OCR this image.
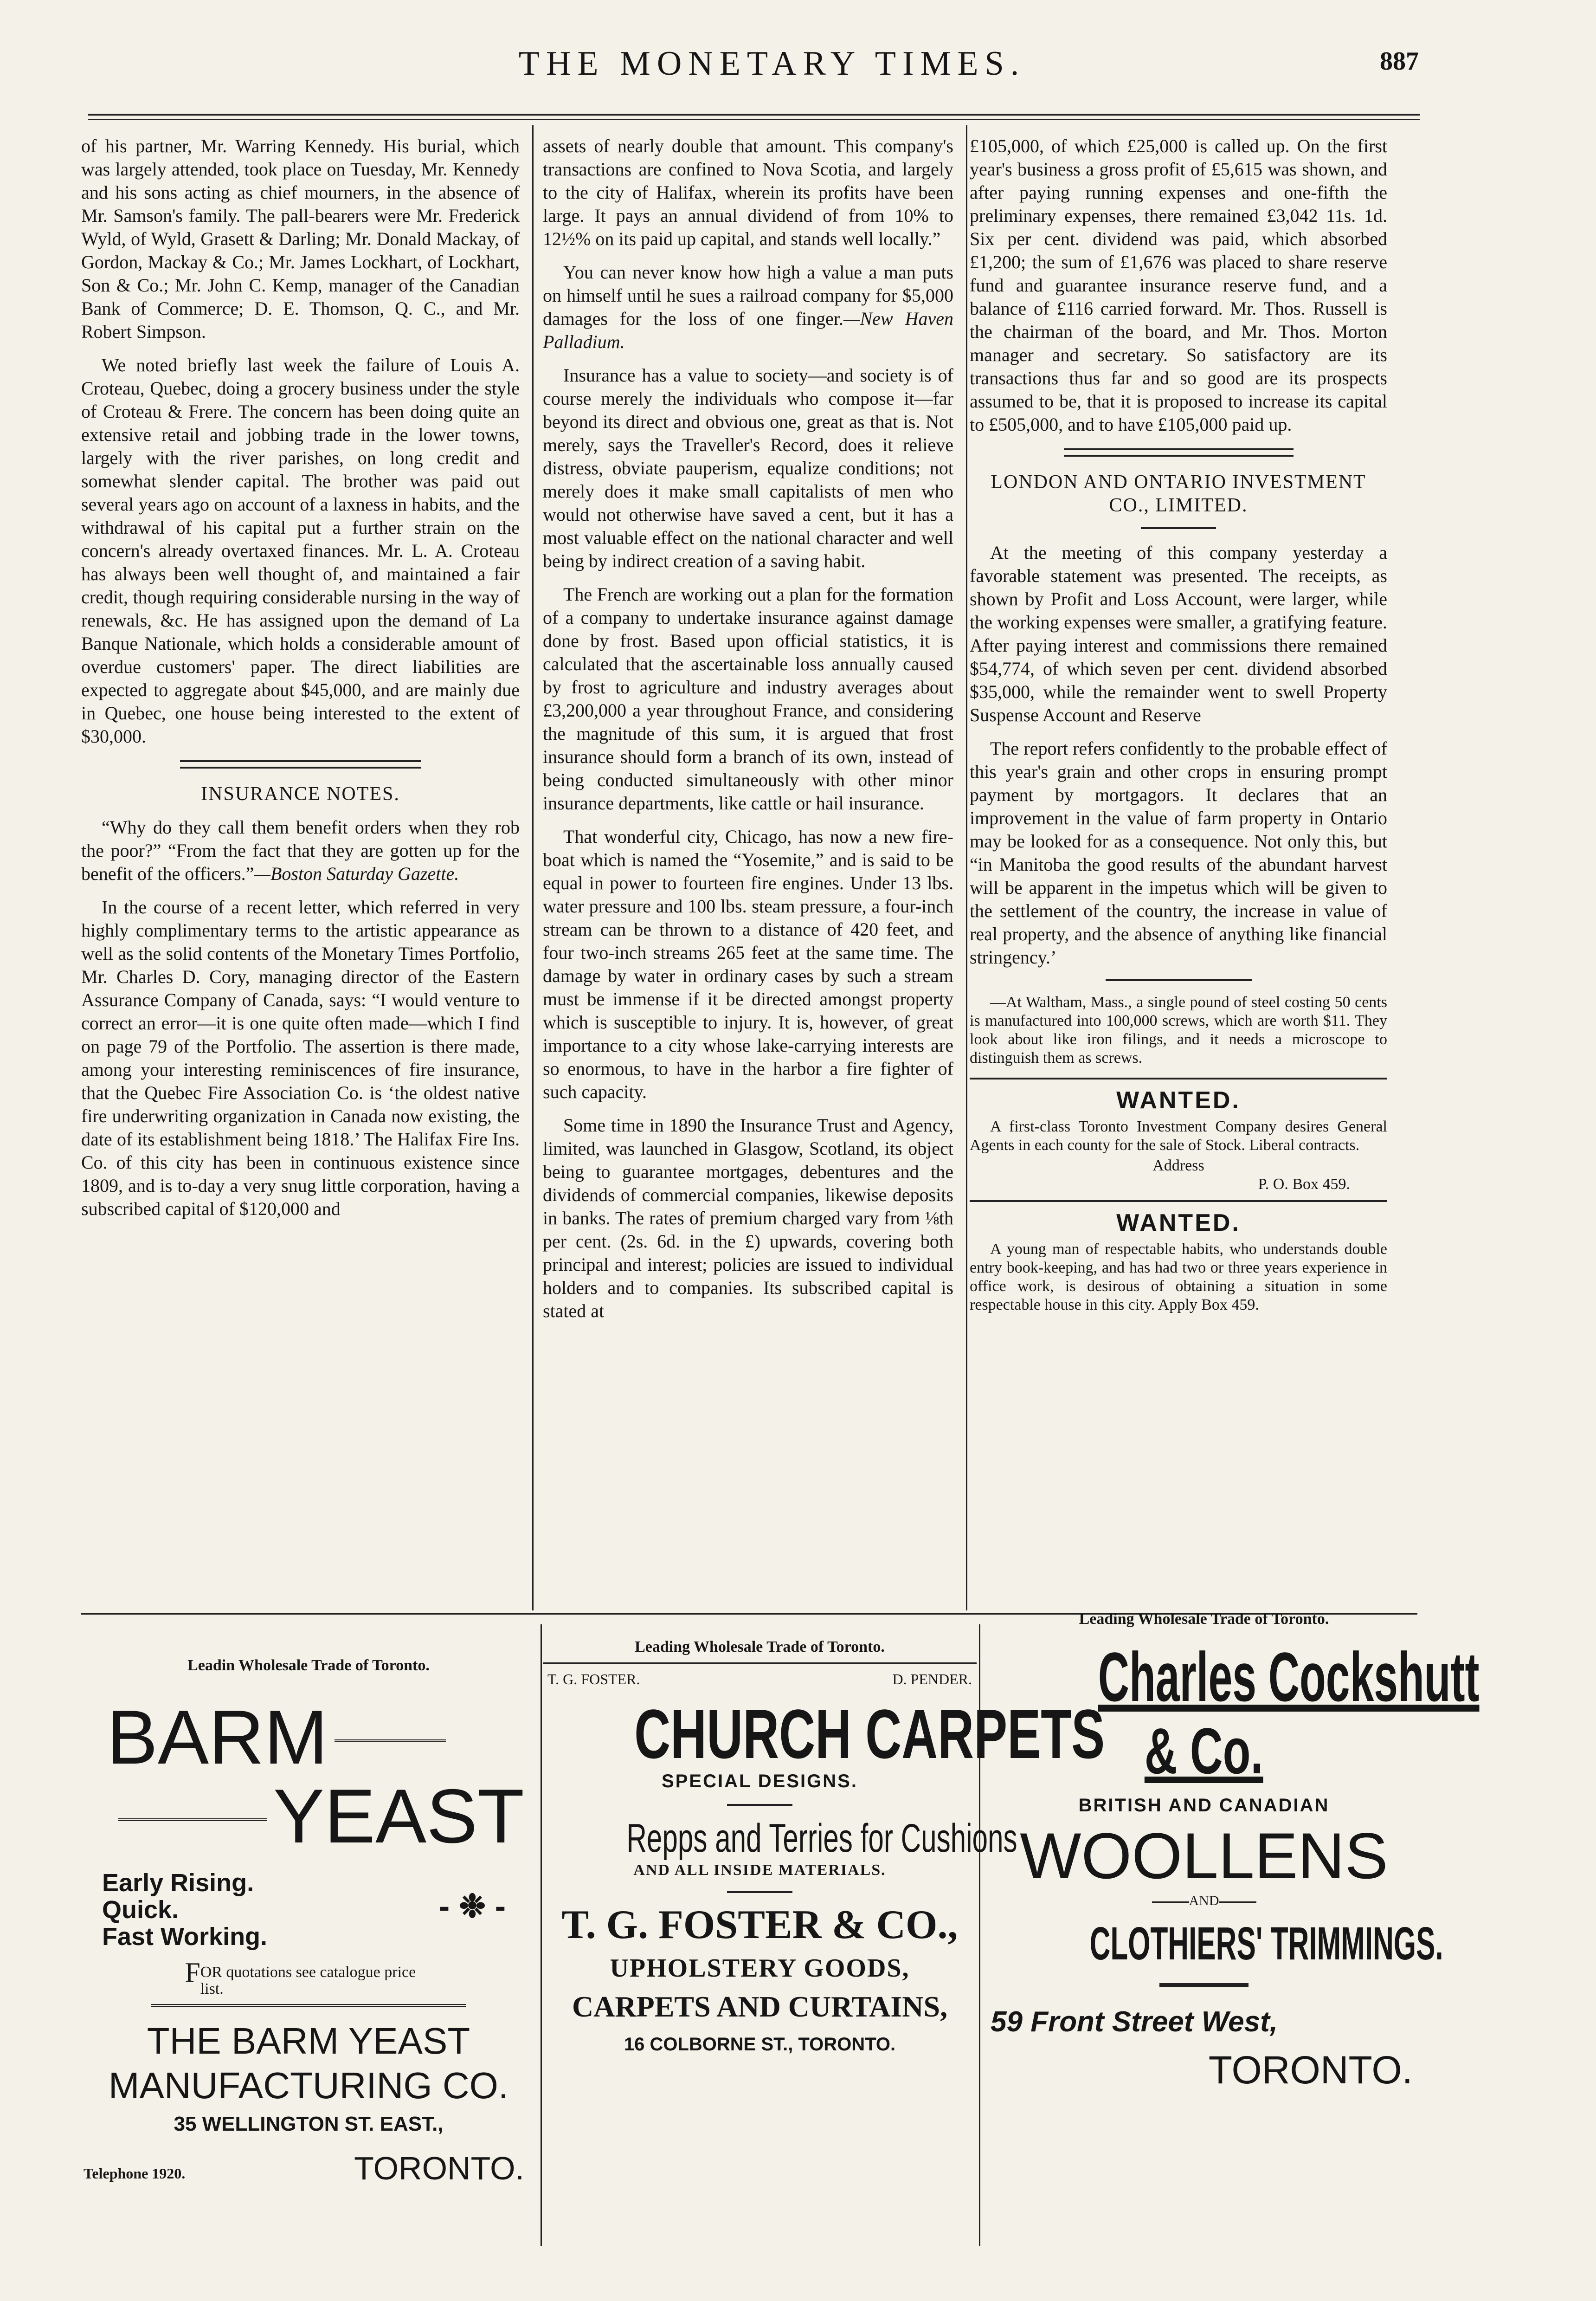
THE MONETARY TIMES.	887

of his partner, Mr. Warring Kennedy. His burial, which was largely attended, took place on Tuesday, Mr. Kennedy and his sons acting as chief mourners, in the absence of Mr. Samson's family. The pall-bearers were Mr. Frederick Wyld, of Wyld, Grasett & Darling; Mr. Donald Mackay, of Gordon, Mackay & Co.; Mr. James Lockhart, of Lockhart, Son & Co.; Mr. John C. Kemp, manager of the Canadian Bank of Commerce; D. E. Thomson, Q. C., and Mr. Robert Simpson.

We noted briefly last week the failure of Louis A. Croteau, Quebec, doing a grocery business under the style of Croteau & Frere. The concern has been doing quite an extensive retail and jobbing trade in the lower towns, largely with the river parishes, on long credit and somewhat slender capital. The brother was paid out several years ago on account of a laxness in habits, and the withdrawal of his capital put a further strain on the concern's already overtaxed finances. Mr. L. A. Croteau has always been well thought of, and maintained a fair credit, though requiring considerable nursing in the way of renewals, &c. He has assigned upon the demand of La Banque Nationale, which holds a considerable amount of overdue customers' paper. The direct liabilities are expected to aggregate about $45,000, and are mainly due in Quebec, one house being interested to the extent of $30,000.

INSURANCE NOTES.

“Why do they call them benefit orders when they rob the poor?” “From the fact that they are gotten up for the benefit of the officers.”—Boston Saturday Gazette.

In the course of a recent letter, which referred in very highly complimentary terms to the artistic appearance as well as the solid contents of the Monetary Times Portfolio, Mr. Charles D. Cory, managing director of the Eastern Assurance Company of Canada, says: “I would venture to correct an error—it is one quite often made—which I find on page 79 of the Portfolio. The assertion is there made, among your interesting reminiscences of fire insurance, that the Quebec Fire Association Co. is ‘the oldest native fire underwriting organization in Canada now existing, the date of its establishment being 1818.’ The Halifax Fire Ins. Co. of this city has been in continuous existence since 1809, and is to-day a very snug little corporation, having a subscribed capital of $120,000 and

assets of nearly double that amount. This company's transactions are confined to Nova Scotia, and largely to the city of Halifax, wherein its profits have been large. It pays an annual dividend of from 10% to 12½% on its paid up capital, and stands well locally.”

You can never know how high a value a man puts on himself until he sues a railroad company for $5,000 damages for the loss of one finger.—New Haven Palladium.

Insurance has a value to society—and society is of course merely the individuals who compose it—far beyond its direct and obvious one, great as that is. Not merely, says the Traveller's Record, does it relieve distress, obviate pauperism, equalize conditions; not merely does it make small capitalists of men who would not otherwise have saved a cent, but it has a most valuable effect on the national character and well being by indirect creation of a saving habit.

The French are working out a plan for the formation of a company to undertake insurance against damage done by frost. Based upon official statistics, it is calculated that the ascertainable loss annually caused by frost to agriculture and industry averages about £3,200,000 a year throughout France, and considering the magnitude of this sum, it is argued that frost insurance should form a branch of its own, instead of being conducted simultaneously with other minor insurance departments, like cattle or hail insurance.

That wonderful city, Chicago, has now a new fire-boat which is named the “Yosemite,” and is said to be equal in power to fourteen fire engines. Under 13 lbs. water pressure and 100 lbs. steam pressure, a four-inch stream can be thrown to a distance of 420 feet, and four two-inch streams 265 feet at the same time. The damage by water in ordinary cases by such a stream must be immense if it be directed amongst property which is susceptible to injury. It is, however, of great importance to a city whose lake-carrying interests are so enormous, to have in the harbor a fire fighter of such capacity.

Some time in 1890 the Insurance Trust and Agency, limited, was launched in Glasgow, Scotland, its object being to guarantee mortgages, debentures and the dividends of commercial companies, likewise deposits in banks. The rates of premium charged vary from ⅛th per cent. (2s. 6d. in the £) upwards, covering both principal and interest; policies are issued to individual holders and to companies. Its subscribed capital is stated at

£105,000, of which £25,000 is called up. On the first year's business a gross profit of £5,615 was shown, and after paying running expenses and one-fifth the preliminary expenses, there remained £3,042 11s. 1d. Six per cent. dividend was paid, which absorbed £1,200; the sum of £1,676 was placed to share reserve fund and guarantee insurance reserve fund, and a balance of £116 carried forward. Mr. Thos. Russell is the chairman of the board, and Mr. Thos. Morton manager and secretary. So satisfactory are its transactions thus far and so good are its prospects assumed to be, that it is proposed to increase its capital to £505,000, and to have £105,000 paid up.

LONDON AND ONTARIO INVESTMENT CO., LIMITED.

At the meeting of this company yesterday a favorable statement was presented. The receipts, as shown by Profit and Loss Account, were larger, while the working expenses were smaller, a gratifying feature. After paying interest and commissions there remained $54,774, of which seven per cent. dividend absorbed $35,000, while the remainder went to swell Property Suspense Account and Reserve

The report refers confidently to the probable effect of this year's grain and other crops in ensuring prompt payment by mortgagors. It declares that an improvement in the value of farm property in Ontario may be looked for as a consequence. Not only this, but “in Manitoba the good results of the abundant harvest will be apparent in the impetus which will be given to the settlement of the country, the increase in value of real property, and the absence of anything like financial stringency.’

—At Waltham, Mass., a single pound of steel costing 50 cents is manufactured into 100,000 screws, which are worth $11. They look about like iron filings, and it needs a microscope to distinguish them as screws.

WANTED.

A first-class Toronto Investment Company desires General Agents in each county for the sale of Stock. Liberal contracts.

Address
P. O. Box 459.
WANTED.

A young man of respectable habits, who understands double entry book-keeping, and has had two or three years experience in office work, is desirous of obtaining a situation in some respectable house in this city. Apply Box 459.

Leadin Wholesale Trade of Toronto.
BARM
YEAST
Early Rising.
Quick.
Fast Working.
- ❉ -
FOR quotations see catalogue price list.
THE BARM YEAST
MANUFACTURING CO.
35 WELLINGTON ST. EAST.,
Telephone 1920.	TORONTO.
Leading Wholesale Trade of Toronto.
T. G. FOSTER.	D. PENDER.
CHURCH CARPETS
SPECIAL DESIGNS.
Repps and Terries for Cushions
AND ALL INSIDE MATERIALS.
T. G. FOSTER & CO.,
UPHOLSTERY GOODS,
CARPETS AND CURTAINS,
16 COLBORNE ST., TORONTO.
Leading Wholesale Trade of Toronto.
Charles Cockshutt
& Co.
BRITISH AND CANADIAN
WOOLLENS
AND
CLOTHIERS' TRIMMINGS.
59 Front Street West,
TORONTO.
